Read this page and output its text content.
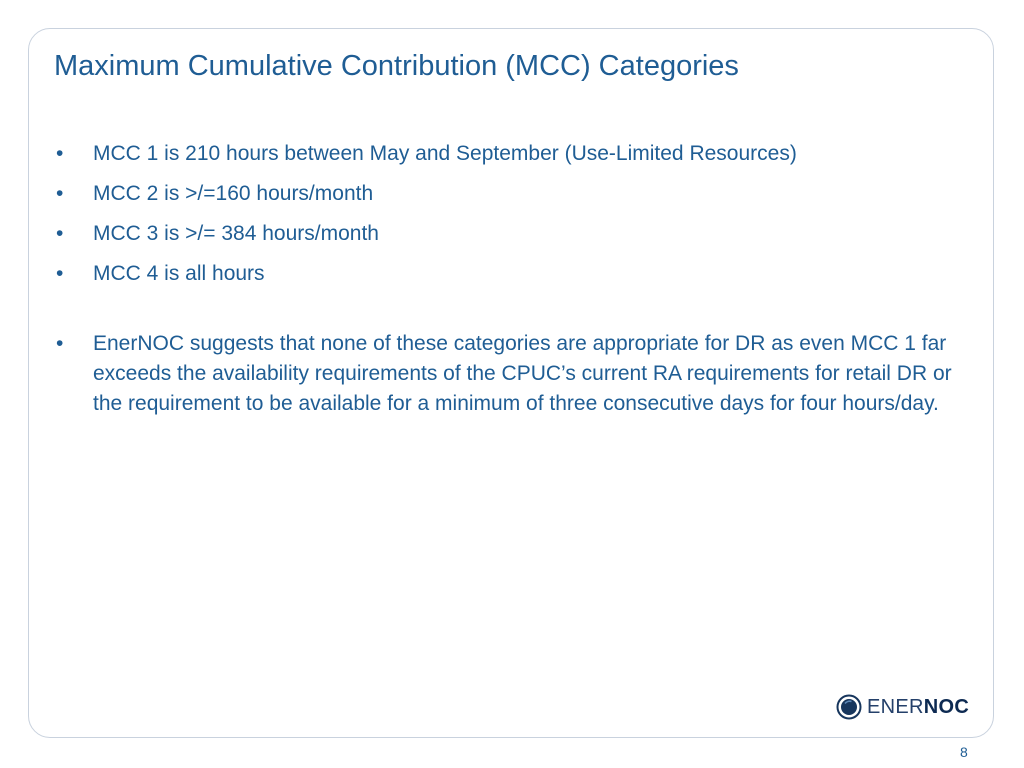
Maximum Cumulative Contribution (MCC) Categories
•	MCC 1 is 210 hours between May and September (Use-Limited Resources)
•	MCC 2 is >/=160 hours/month
•	MCC 3 is >/= 384 hours/month
•	MCC 4 is all hours
•	EnerNOC suggests that none of these categories are appropriate for DR as even MCC 1 far exceeds the availability requirements of the CPUC’s current RA requirements for retail DR or the requirement to be available for a minimum of three consecutive days for four hours/day.
ENERNOC
8
